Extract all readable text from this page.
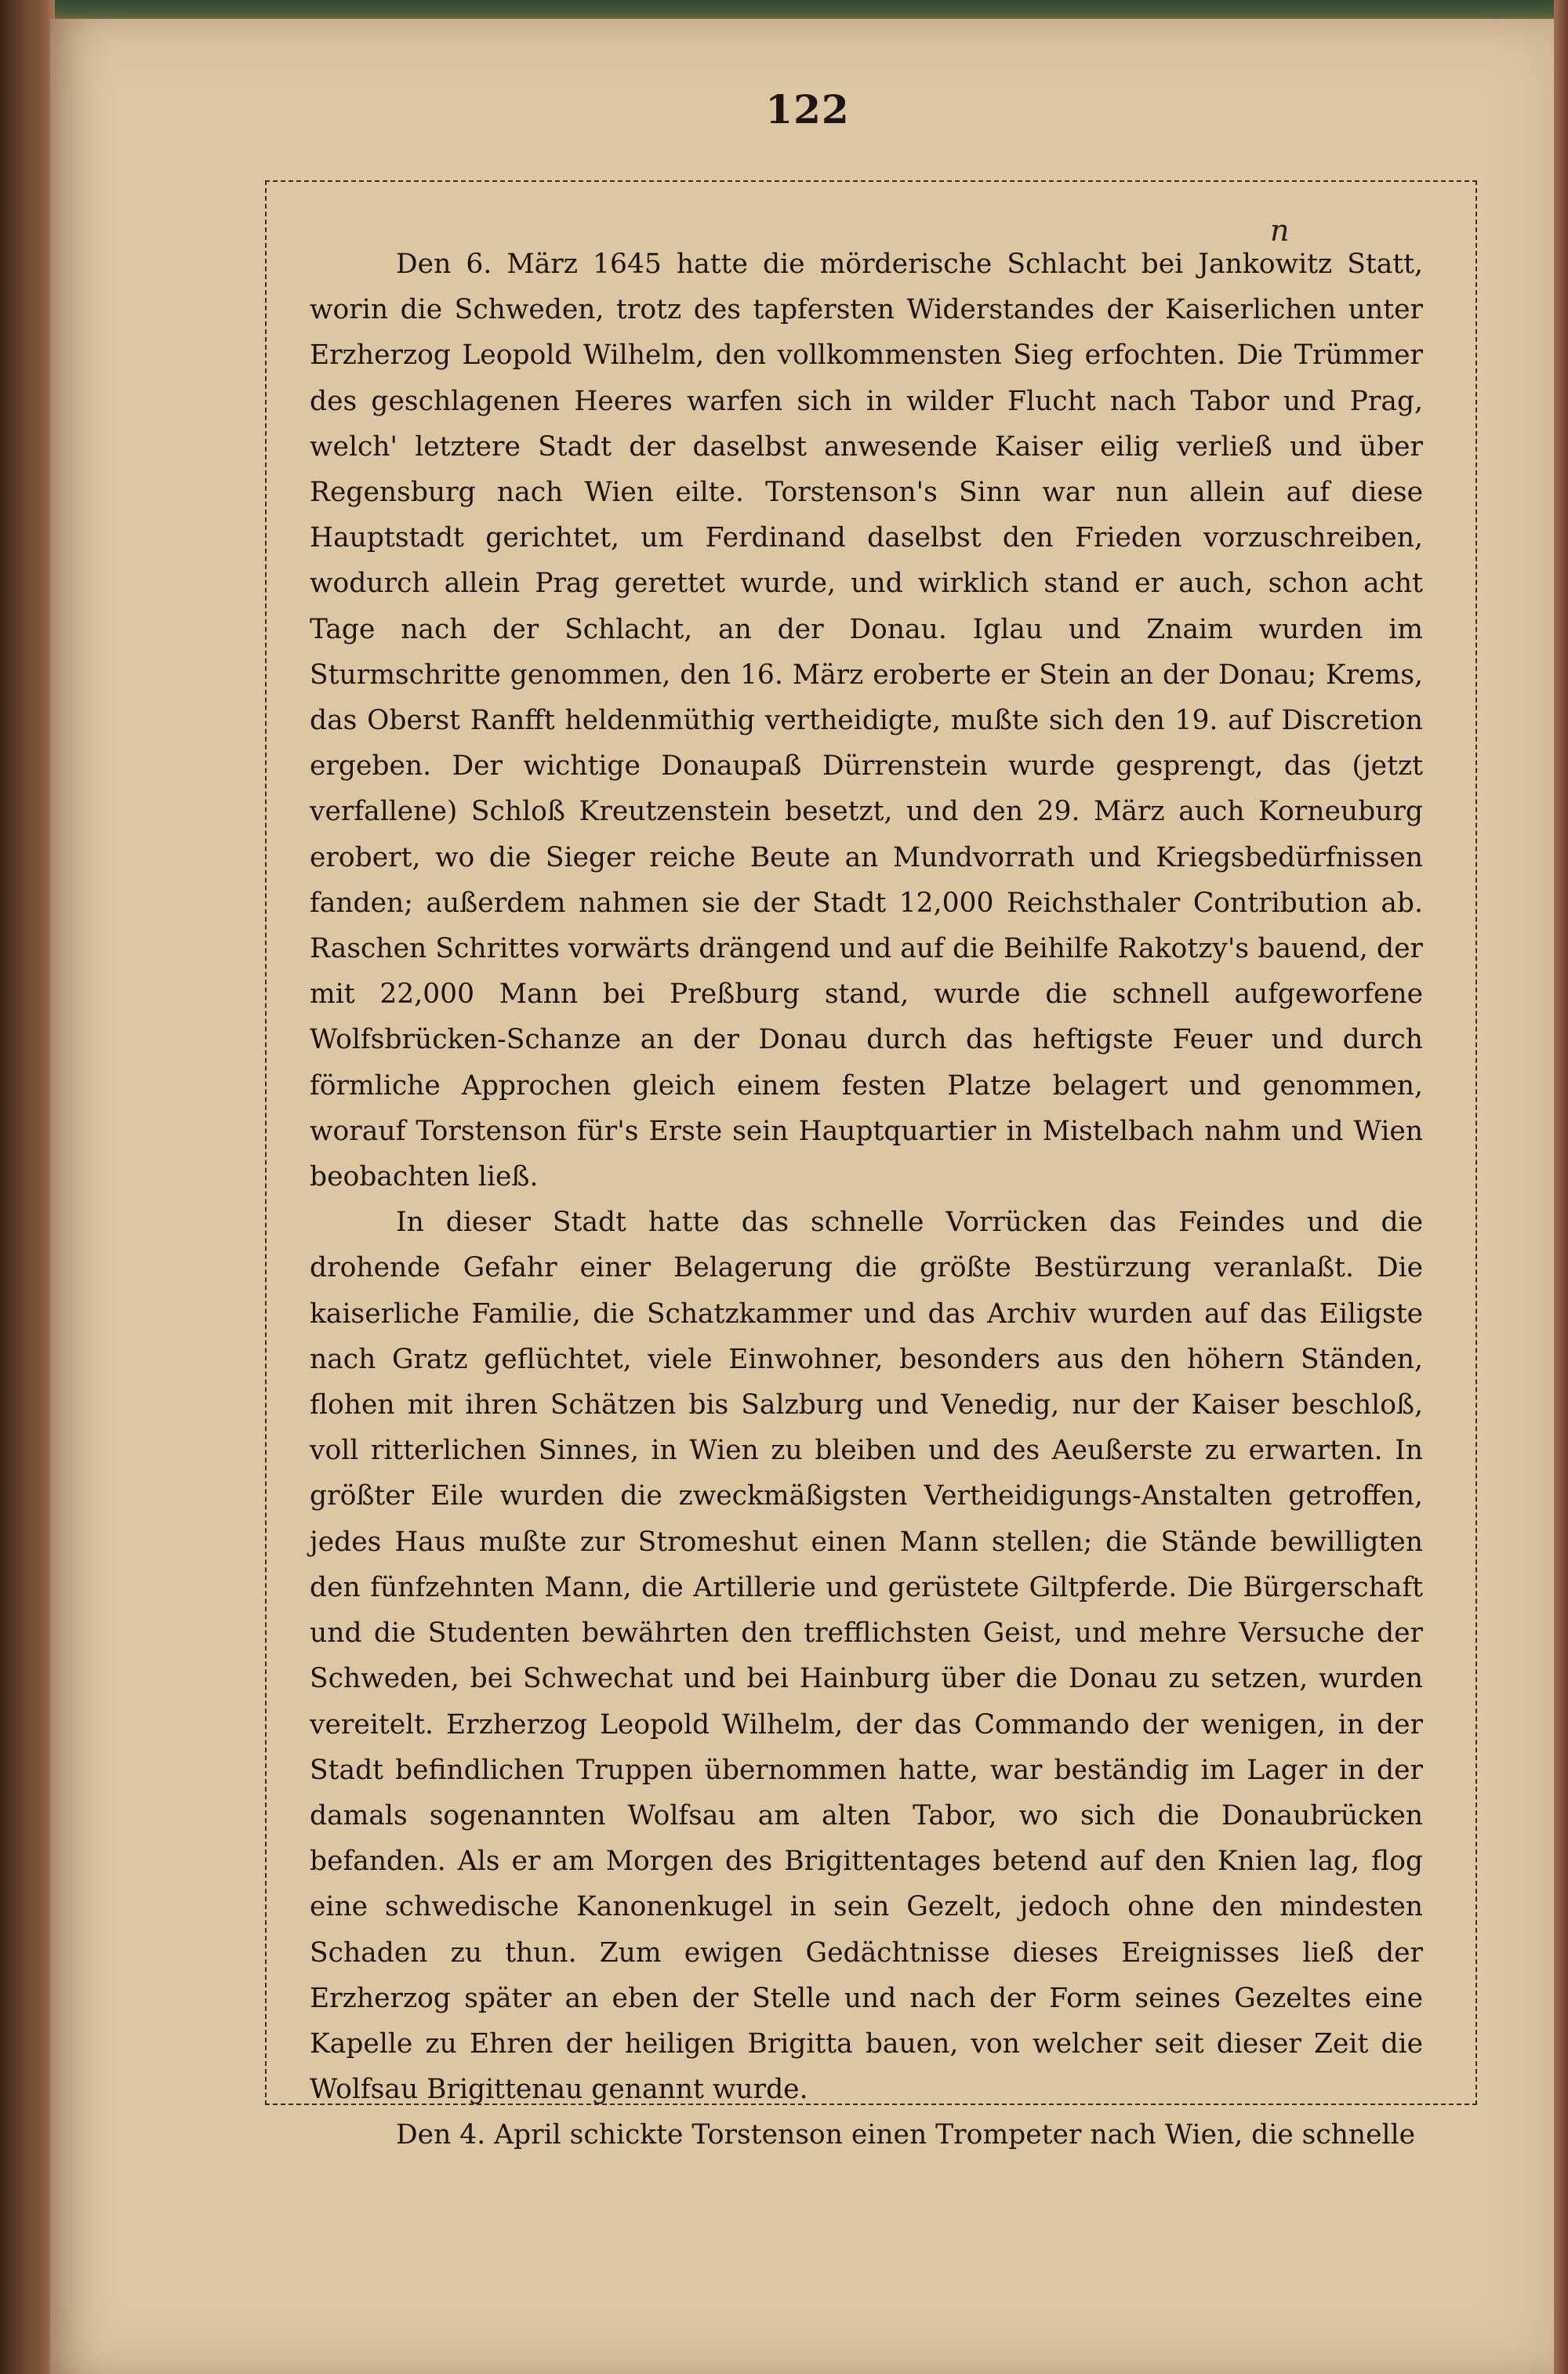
122
n

Den 6. März 1645 hatte die mörderische Schlacht bei Jankowitz Statt, worin die Schweden, trotz des tapfersten Widerstandes der Kaiserlichen unter Erzherzog Leopold Wilhelm, den vollkommensten Sieg erfochten. Die Trümmer des geschlagenen Heeres warfen sich in wilder Flucht nach Tabor und Prag, welch' letztere Stadt der daselbst anwesende Kaiser eilig verließ und über Regensburg nach Wien eilte. Torstenson's Sinn war nun allein auf diese Hauptstadt gerichtet, um Ferdinand daselbst den Frieden vorzuschreiben, wodurch allein Prag gerettet wurde, und wirklich stand er auch, schon acht Tage nach der Schlacht, an der Donau. Iglau und Znaim wurden im Sturmschritte genommen, den 16. März eroberte er Stein an der Donau; Krems, das Oberst Ranfft heldenmüthig vertheidigte, mußte sich den 19. auf Discretion ergeben. Der wichtige Donaupaß Dürrenstein wurde gesprengt, das (jetzt verfallene) Schloß Kreutzenstein besetzt, und den 29. März auch Korneuburg erobert, wo die Sieger reiche Beute an Mundvorrath und Kriegsbedürfnissen fanden; außerdem nahmen sie der Stadt 12,000 Reichsthaler Contribution ab. Raschen Schrittes vorwärts drängend und auf die Beihilfe Rakotzy's bauend, der mit 22,000 Mann bei Preßburg stand, wurde die schnell aufgeworfene Wolfsbrücken-Schanze an der Donau durch das heftigste Feuer und durch förmliche Approchen gleich einem festen Platze belagert und genommen, worauf Torstenson für's Erste sein Hauptquartier in Mistelbach nahm und Wien beobachten ließ.

In dieser Stadt hatte das schnelle Vorrücken das Feindes und die drohende Gefahr einer Belagerung die größte Bestürzung veranlaßt. Die kaiserliche Familie, die Schatzkammer und das Archiv wurden auf das Eiligste nach Gratz geflüchtet, viele Einwohner, besonders aus den höhern Ständen, flohen mit ihren Schätzen bis Salzburg und Venedig, nur der Kaiser beschloß, voll ritterlichen Sinnes, in Wien zu bleiben und des Aeußerste zu erwarten. In größter Eile wurden die zweckmäßigsten Vertheidigungs-Anstalten getroffen, jedes Haus mußte zur Stromeshut einen Mann stellen; die Stände bewilligten den fünfzehnten Mann, die Artillerie und gerüstete Giltpferde. Die Bürgerschaft und die Studenten bewährten den trefflichsten Geist, und mehre Versuche der Schweden, bei Schwechat und bei Hainburg über die Donau zu setzen, wurden vereitelt. Erzherzog Leopold Wilhelm, der das Commando der wenigen, in der Stadt befindlichen Truppen übernommen hatte, war beständig im Lager in der damals sogenannten Wolfsau am alten Tabor, wo sich die Donaubrücken befanden. Als er am Morgen des Brigittentages betend auf den Knien lag, flog eine schwedische Kanonenkugel in sein Gezelt, jedoch ohne den mindesten Schaden zu thun. Zum ewigen Gedächtnisse dieses Ereignisses ließ der Erzherzog später an eben der Stelle und nach der Form seines Gezeltes eine Kapelle zu Ehren der heiligen Brigitta bauen, von welcher seit dieser Zeit die Wolfsau Brigittenau genannt wurde.

Den 4. April schickte Torstenson einen Trompeter nach Wien, die schnelle
